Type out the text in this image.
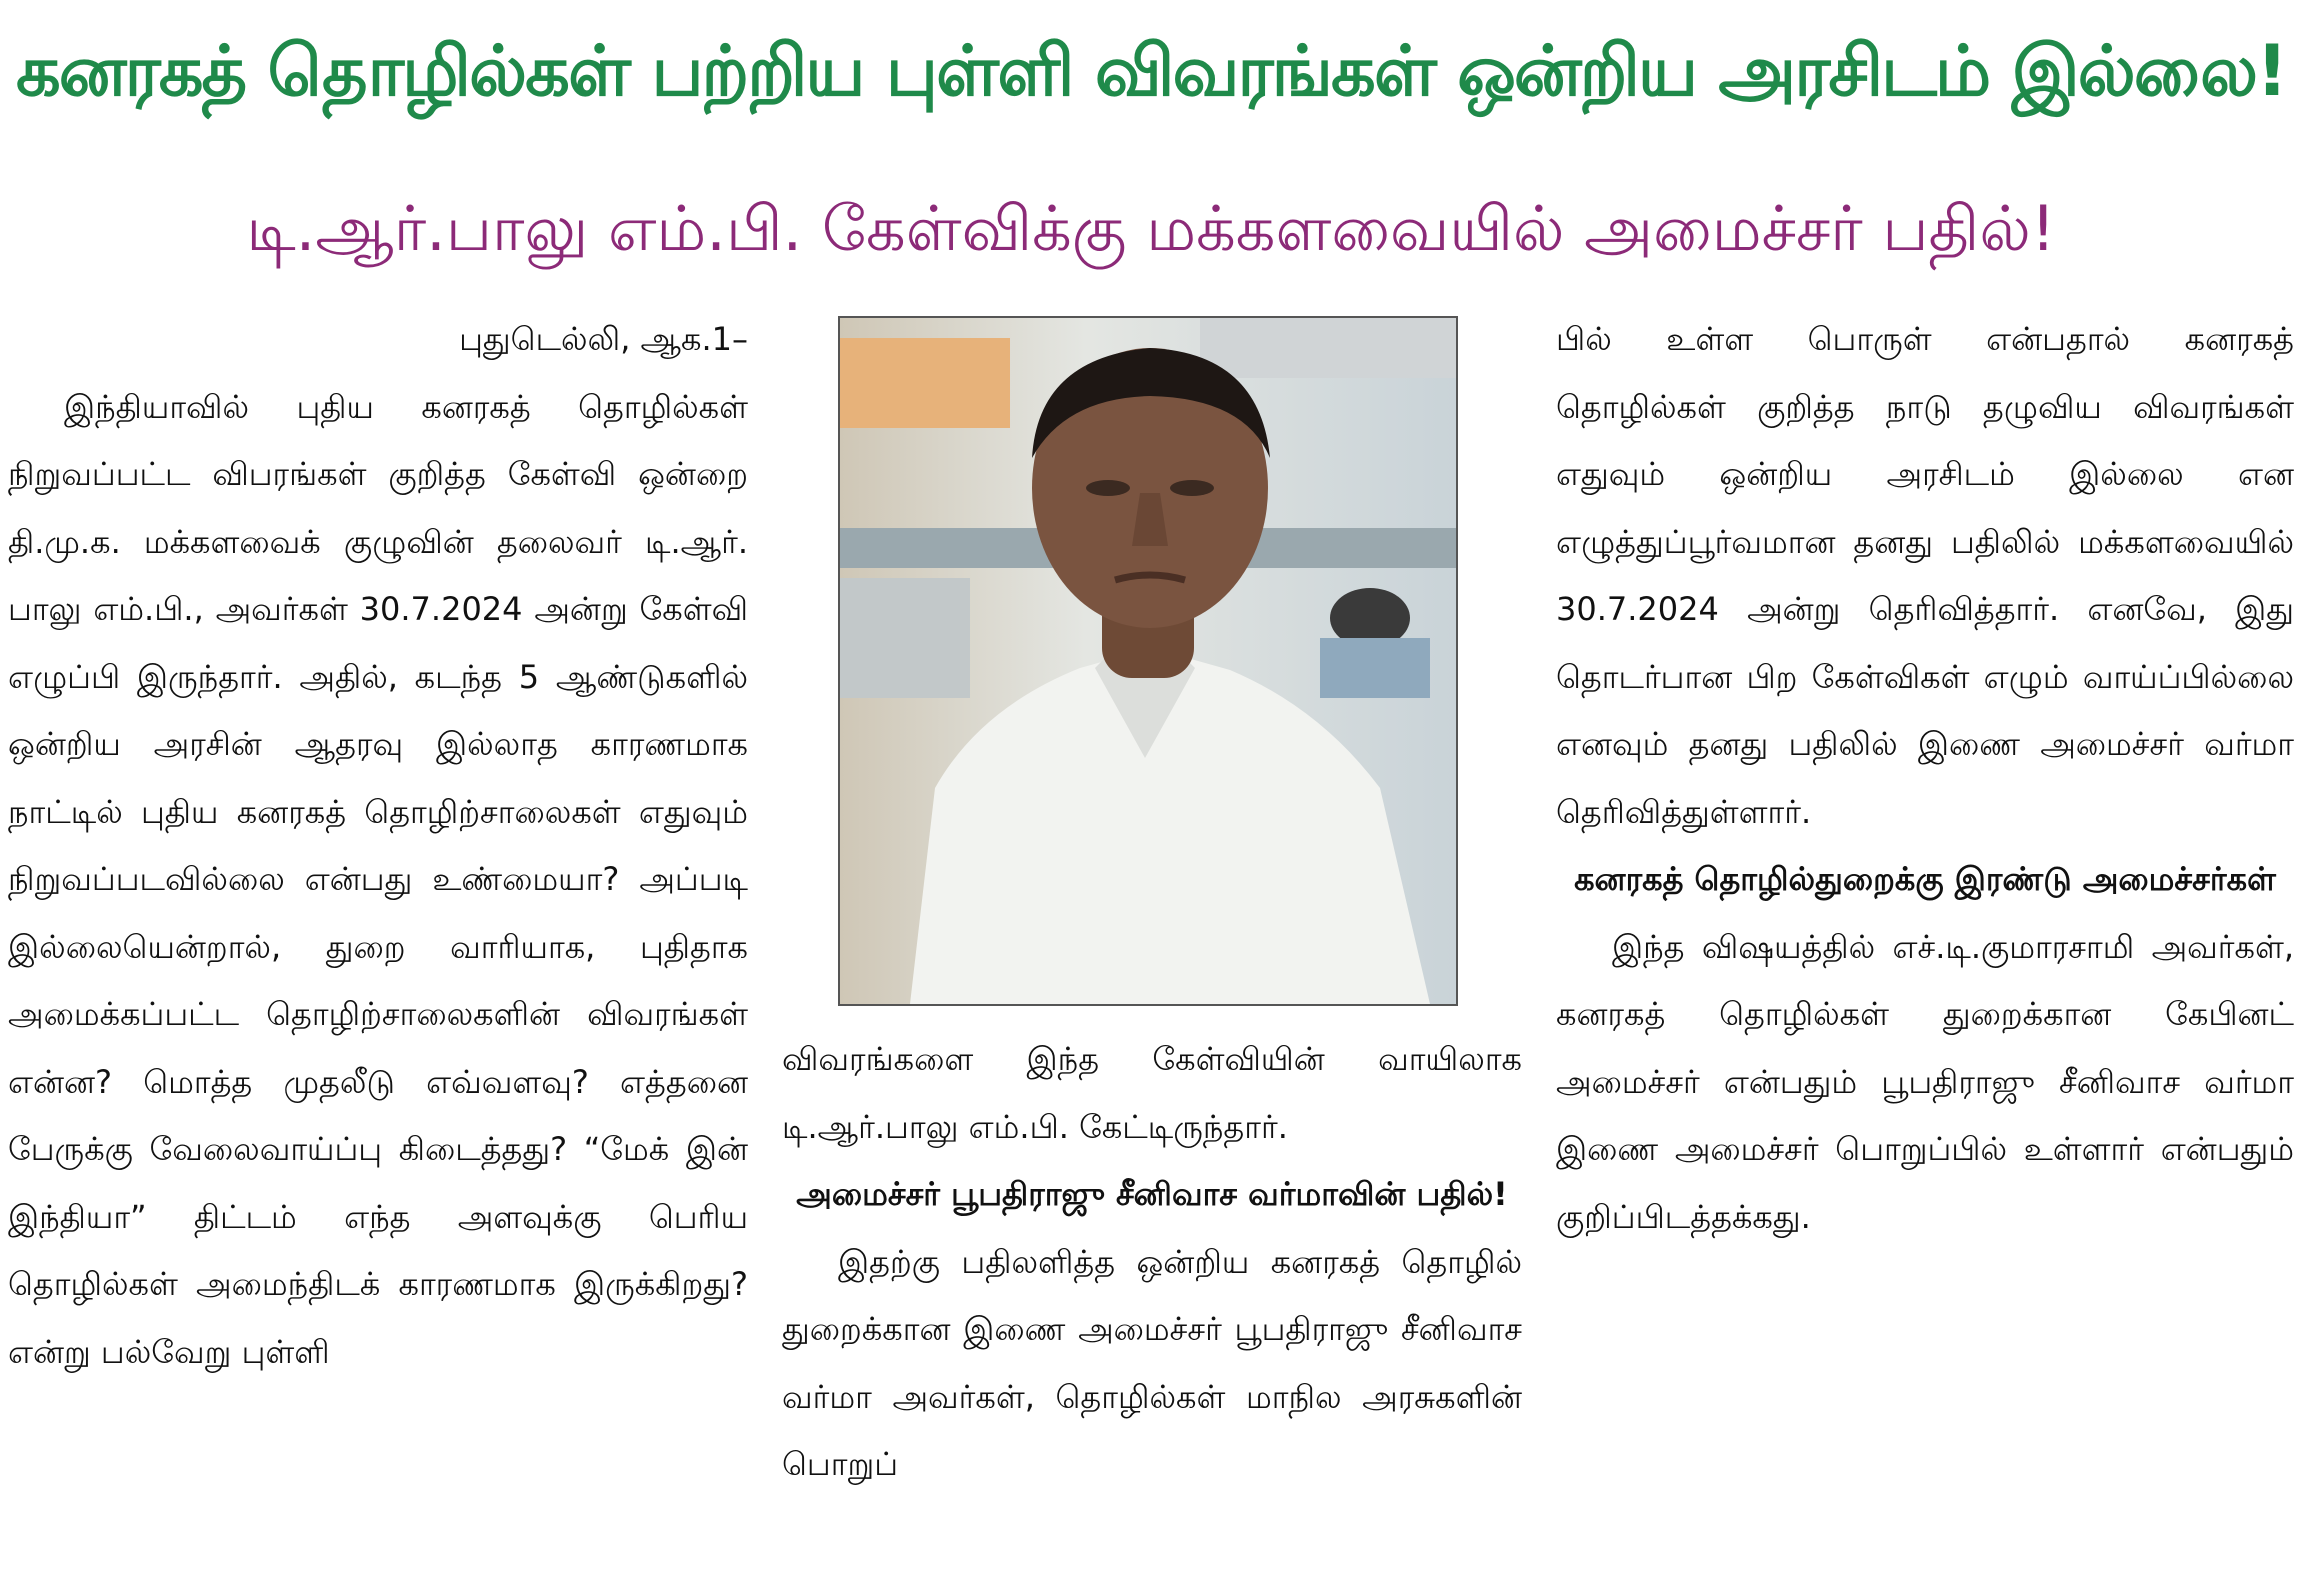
கனரகத் தொழில்கள் பற்றிய புள்ளி விவரங்கள் ஒன்றிய அரசிடம் இல்லை!
டி.ஆர்.பாலு எம்.பி. கேள்விக்கு மக்களவையில் அமைச்சர் பதில்!

புதுடெல்லி, ஆக.1–

இந்தியாவில் புதிய கனரகத் தொழில்கள் நிறுவப்பட்ட விபரங்கள் குறித்த கேள்வி ஒன்றை தி.மு.க. மக்களவைக் குழுவின் தலைவர் டி.ஆர். பாலு எம்.பி., அவர்கள் 30.7.2024 அன்று கேள்வி எழுப்பி இருந்தார். அதில், கடந்த 5 ஆண்டுகளில் ஒன்றிய அரசின் ஆதரவு இல்லாத காரணமாக நாட்டில் புதிய கனரகத் தொழிற்சாலைகள் எதுவும் நிறுவப்படவில்லை என்பது உண்மையா? அப்படி இல்லையென்றால், துறை வாரியாக, புதிதாக அமைக்கப்பட்ட தொழிற்சாலைகளின் விவரங்கள் என்ன? மொத்த முதலீடு எவ்வளவு? எத்தனை பேருக்கு வேலைவாய்ப்பு கிடைத்தது? “மேக் இன் இந்தியா” திட்டம் எந்த அளவுக்கு பெரிய தொழில்கள் அமைந்திடக் காரணமாக இருக்கிறது? என்று பல்வேறு புள்ளி

விவரங்களை இந்த கேள்வியின் வாயிலாக டி.ஆர்.பாலு எம்.பி. கேட்டிருந்தார்.

அமைச்சர் பூபதிராஜு சீனிவாச வர்மாவின் பதில்!

இதற்கு பதிலளித்த ஒன்றிய கனரகத் தொழில் துறைக்கான இணை அமைச்சர் பூபதிராஜு சீனிவாச வர்மா அவர்கள், தொழில்கள் மாநில அரசுகளின் பொறுப்

பில் உள்ள பொருள் என்பதால் கனரகத் தொழில்கள் குறித்த நாடு தழுவிய விவரங்கள் எதுவும் ஒன்றிய அரசிடம் இல்லை என எழுத்துப்பூர்வமான தனது பதிலில் மக்களவையில் 30.7.2024 அன்று தெரிவித்தார். எனவே, இது தொடர்பான பிற கேள்விகள் எழும் வாய்ப்பில்லை எனவும் தனது பதிலில் இணை அமைச்சர் வர்மா தெரிவித்துள்ளார்.

கனரகத் தொழில்துறைக்கு இரண்டு அமைச்சர்கள்

இந்த விஷயத்தில் எச்.டி.குமாரசாமி அவர்கள், கனரகத் தொழில்கள் துறைக்கான கேபினட் அமைச்சர் என்பதும் பூபதிராஜு சீனிவாச வர்மா இணை அமைச்சர் பொறுப்பில் உள்ளார் என்பதும் குறிப்பிடத்தக்கது.
